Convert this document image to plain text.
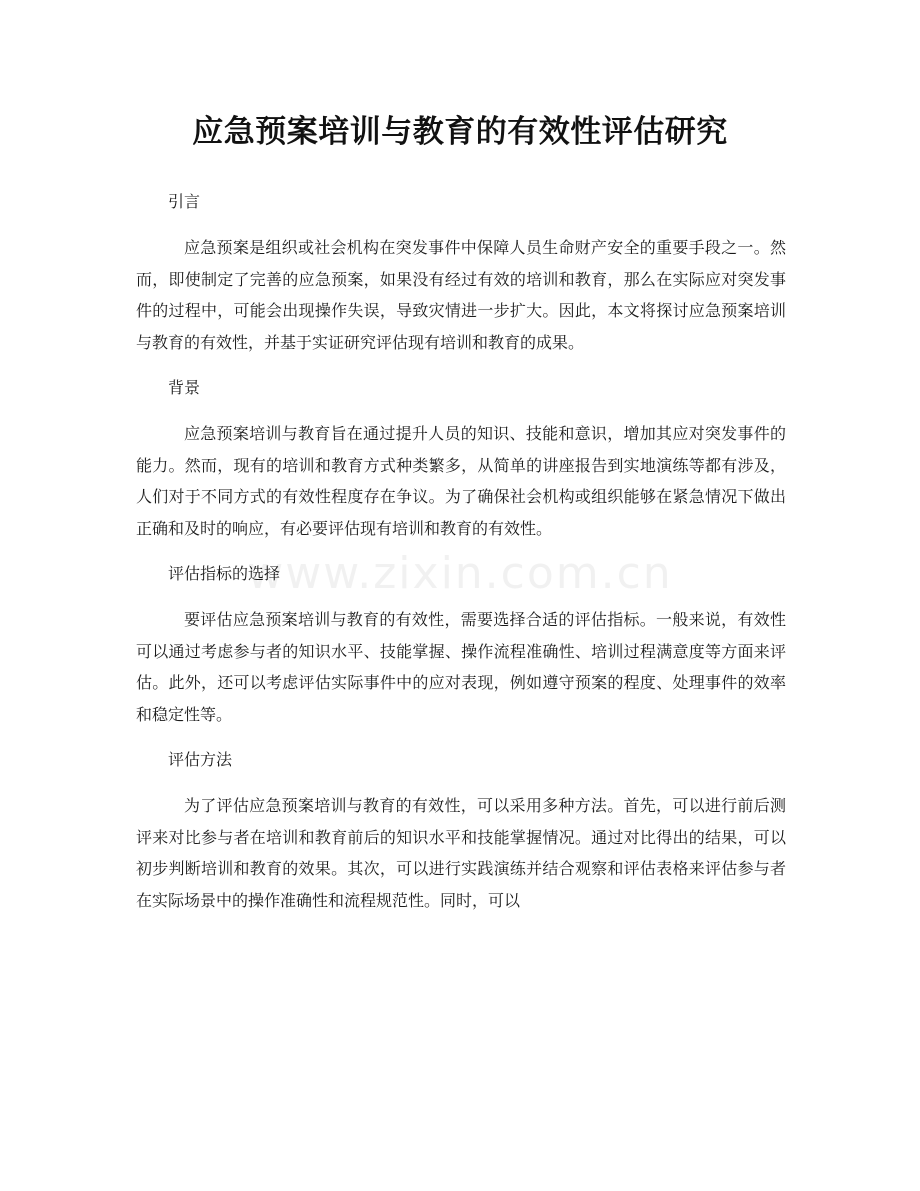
www.zixin.com.cn
应急预案培训与教育的有效性评估研究
引言

应急预案是组织或社会机构在突发事件中保障人员生命财产安全的重要手段之一。然而，即使制定了完善的应急预案，如果没有经过有效的培训和教育，那么在实际应对突发事件的过程中，可能会出现操作失误，导致灾情进一步扩大。因此，本文将探讨应急预案培训与教育的有效性，并基于实证研究评估现有培训和教育的成果。

背景

应急预案培训与教育旨在通过提升人员的知识、技能和意识，增加其应对突发事件的能力。然而，现有的培训和教育方式种类繁多，从简单的讲座报告到实地演练等都有涉及，人们对于不同方式的有效性程度存在争议。为了确保社会机构或组织能够在紧急情况下做出正确和及时的响应，有必要评估现有培训和教育的有效性。

评估指标的选择

要评估应急预案培训与教育的有效性，需要选择合适的评估指标。一般来说，有效性可以通过考虑参与者的知识水平、技能掌握、操作流程准确性、培训过程满意度等方面来评估。此外，还可以考虑评估实际事件中的应对表现，例如遵守预案的程度、处理事件的效率和稳定性等。

评估方法

为了评估应急预案培训与教育的有效性，可以采用多种方法。首先，可以进行前后测评来对比参与者在培训和教育前后的知识水平和技能掌握情况。通过对比得出的结果，可以初步判断培训和教育的效果。其次，可以进行实践演练并结合观察和评估表格来评估参与者在实际场景中的操作准确性和流程规范性。同时，可以
